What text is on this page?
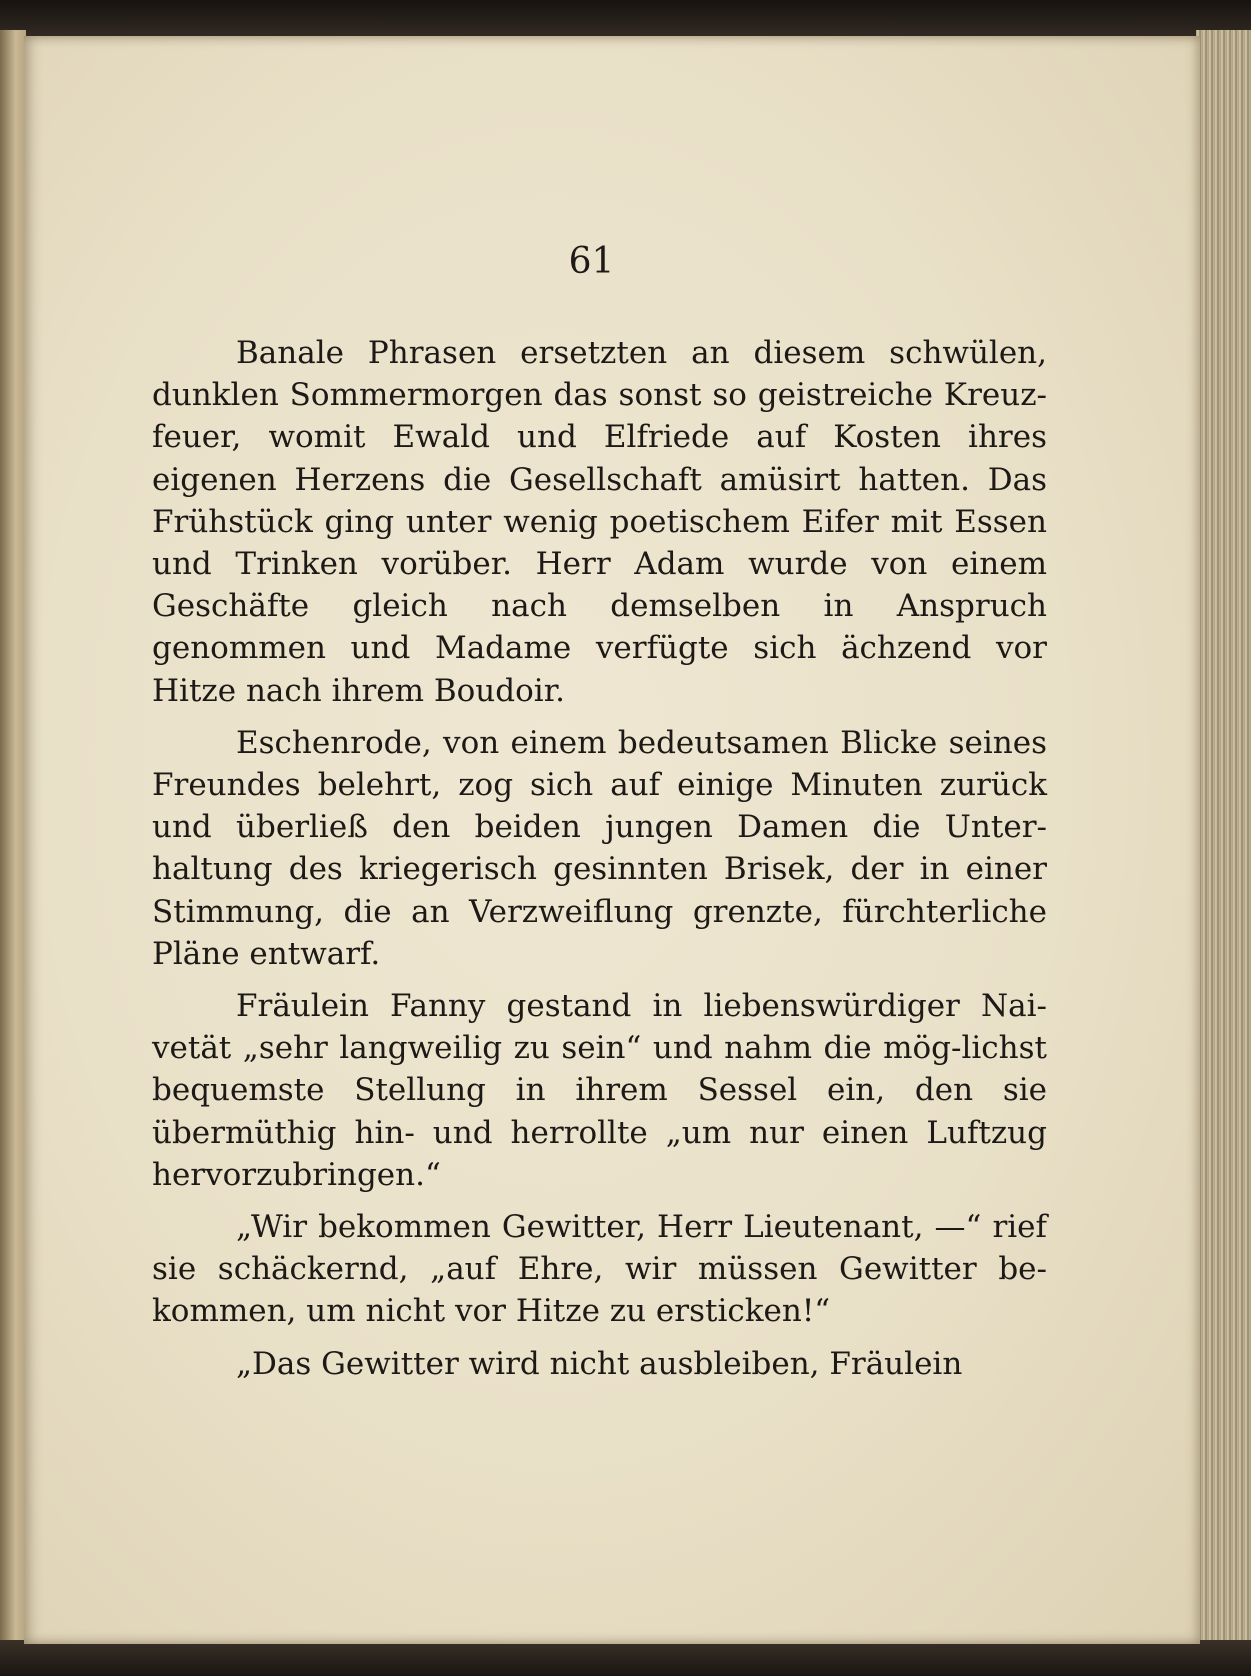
61

Banale Phrasen ersetzten an diesem schwülen, dunklen Sommermorgen das sonst so geistreiche Kreuz-feuer, womit Ewald und Elfriede auf Kosten ihres eigenen Herzens die Gesellschaft amüsirt hatten. Das Frühstück ging unter wenig poetischem Eifer mit Essen und Trinken vorüber. Herr Adam wurde von einem Geschäfte gleich nach demselben in Anspruch genommen und Madame verfügte sich ächzend vor Hitze nach ihrem Boudoir.

Eschenrode, von einem bedeutsamen Blicke seines Freundes belehrt, zog sich auf einige Minuten zurück und überließ den beiden jungen Damen die Unter-haltung des kriegerisch gesinnten Brisek, der in einer Stimmung, die an Verzweiflung grenzte, fürchterliche Pläne entwarf.

Fräulein Fanny gestand in liebenswürdiger Nai-vetät „sehr langweilig zu sein“ und nahm die mög-lichst bequemste Stellung in ihrem Sessel ein, den sie übermüthig hin- und herrollte „um nur einen Luftzug hervorzubringen.“

„Wir bekommen Gewitter, Herr Lieutenant, —“ rief sie schäckernd, „auf Ehre, wir müssen Gewitter be-kommen, um nicht vor Hitze zu ersticken!“

„Das Gewitter wird nicht ausbleiben, Fräulein
